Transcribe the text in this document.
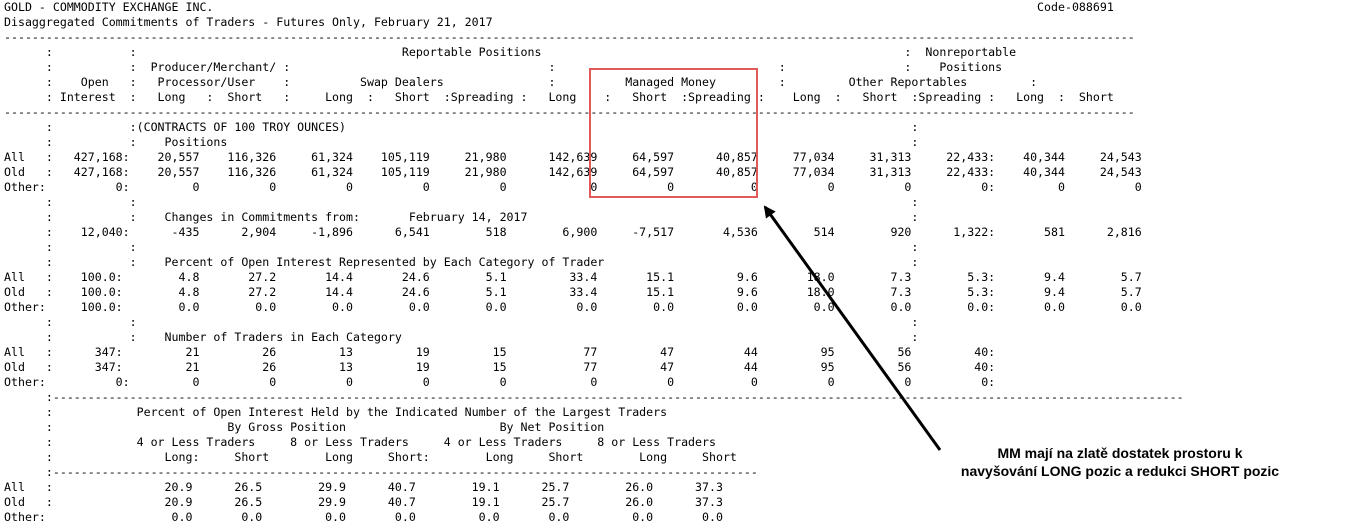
GOLD - COMMODITY EXCHANGE INC.                                                                                                                      Code-088691
Disaggregated Commitments of Traders - Futures Only, February 21, 2017
------------------------------------------------------------------------------------------------------------------------------------------------------------------
:           :                                      Reportable Positions                                                    :  Nonreportable
:           :  Producer/Merchant/ :                                     :                                :                 :    Positions
:    Open   :   Processor/User    :          Swap Dealers               :          Managed Money         :         Other Reportables         :
: Interest  :   Long   :  Short   :     Long  :   Short  :Spreading :   Long    :   Short  :Spreading :    Long  :   Short  :Spreading :   Long  :  Short
------------------------------------------------------------------------------------------------------------------------------------------------------------------
:           :(CONTRACTS OF 100 TROY OUNCES)                                                                                 :
:           :    Positions                                                                                                  :
All   :   427,168:    20,557    116,326     61,324    105,119     21,980      142,639     64,597      40,857     77,034     31,313     22,433:    40,344     24,543
Old   :   427,168:    20,557    116,326     61,324    105,119     21,980      142,639     64,597      40,857     77,034     31,313     22,433:    40,344     24,543
Other:          0:         0          0          0          0          0            0          0           0          0          0          0:         0          0
:           :                                                                                                               :
:           :    Changes in Commitments from:       February 14, 2017                                                       :
:    12,040:      -435      2,904     -1,896      6,541        518        6,900     -7,517       4,536        514        920      1,322:       581      2,816
:           :                                                                                                               :
:           :    Percent of Open Interest Represented by Each Category of Trader                                            :
All   :    100.0:        4.8       27.2       14.4       24.6        5.1         33.4       15.1         9.6       18.0        7.3        5.3:       9.4        5.7
Old   :    100.0:        4.8       27.2       14.4       24.6        5.1         33.4       15.1         9.6       18.0        7.3        5.3:       9.4        5.7
Other:     100.0:        0.0        0.0        0.0        0.0        0.0          0.0        0.0         0.0        0.0        0.0        0.0:       0.0        0.0
:           :                                                                                                               :
:           :    Number of Traders in Each Category                                                                         :
All   :      347:         21         26         13         19         15           77         47          44         95         56         40:
Old   :      347:         21         26         13         19         15           77         47          44         95         56         40:
Other:          0:         0          0          0          0          0            0          0           0          0          0          0:
:------------------------------------------------------------------------------------------------------------------------------------------------------------------
:            Percent of Open Interest Held by the Indicated Number of the Largest Traders
:                         By Gross Position                      By Net Position
:            4 or Less Traders     8 or Less Traders     4 or Less Traders     8 or Less Traders
:                Long:     Short        Long     Short:        Long     Short        Long     Short
:-----------------------------------------------------------------------------------------------------
All   :                20.9      26.5        29.9      40.7        19.1      25.7        26.0      37.3
Old   :                20.9      26.5        29.9      40.7        19.1      25.7        26.0      37.3
Other:                  0.0       0.0         0.0       0.0         0.0       0.0         0.0       0.0
MM mají na zlatě dostatek prostoru k
navyšování LONG pozic a redukci SHORT pozic
